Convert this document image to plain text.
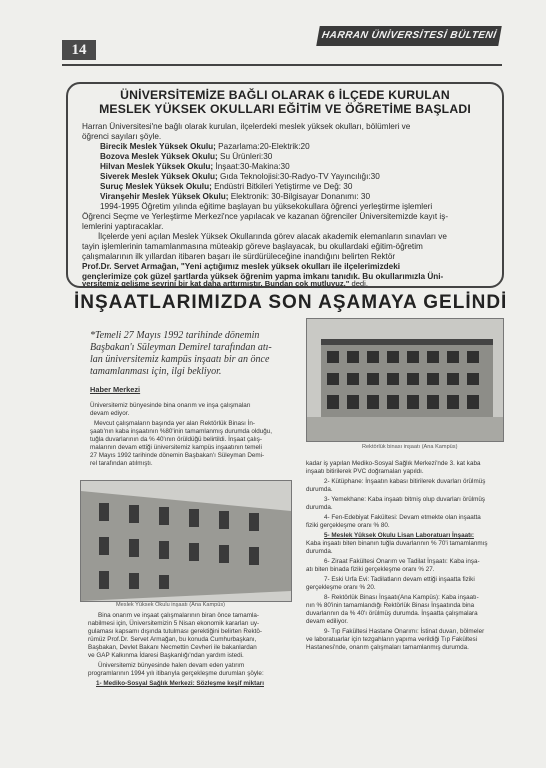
14
HARRAN ÜNİVERSİTESİ BÜLTENİ
ÜNİVERSİTEMİZE BAĞLI OLARAK 6 İLÇEDE KURULAN
MESLEK YÜKSEK OKULLARI EĞİTİM VE ÖĞRETİME BAŞLADI
Harran Üniversitesi'ne bağlı olarak kurulan, ilçelerdeki meslek yüksek okulları, bölümleri ve
öğrenci sayıları şöyle.
Birecik Meslek Yüksek Okulu; Pazarlama:20-Elektrik:20
Bozova Meslek Yüksek Okulu; Su Ürünleri:30
Hilvan Meslek Yüksek Okulu; İnşaat:30-Makina:30
Siverek Meslek Yüksek Okulu; Gıda Teknolojisi:30-Radyo-TV Yayıncılığı:30
Suruç Meslek Yüksek Okulu; Endüstri Bitkileri Yetiştirme ve Değ: 30
Viranşehir Meslek Yüksek Okulu; Elektronik: 30-Bilgisayar Donanımı: 30
1994-1995 Öğretim yılında eğitime başlayan bu yüksekokullara öğrenci yerleştirme işlemleri
Öğrenci Seçme ve Yerleştirme Merkezi'nce yapılacak ve kazanan öğrenciler Üniversitemizde kayıt iş-
lemlerini yaptıracaklar.
İlçelerde yeni açılan Meslek Yüksek Okullarında görev alacak akademik elemanların sınavları ve
tayin işlemlerinin tamamlanmasına müteakip göreve başlayacak, bu okullardaki eğitim-öğretim
çalışmalarının ilk yıllardan itibaren başarı ile sürdürüleceğine inandığını belirten Rektör
Prof.Dr. Servet Armağan, "Yeni açtığımız meslek yüksek okulları ile ilçelerimizdeki
gençlerimize çok güzel şartlarda yüksek öğrenim yapma imkanı tanıdık. Bu okullarımızla Üni-
versitemiz gelişme seyrini bir kat daha arttırmıştır. Bundan çok mutluyuz." dedi.
İNŞAATLARIMIZDA SON AŞAMAYA GELİNDİ
*Temeli 27 Mayıs 1992 tarihinde dönemin
Başbakan'ı Süleyman Demirel tarafından atı-
lan üniversitemiz kampüs inşaatı bir an önce
tamamlanması için, ilgi bekliyor.
Haber Merkezi
Üniversitemiz bünyesinde bina onarım ve inşa çalışmaları
devam ediyor.
Mevcut çalışmaların başında yer alan Rektörlük Binası İn-
şaatı'nın kaba inşaatının %80'inin tamamlanmış durumda olduğu,
tuğla duvarlarının da % 40'ının örüldüğü belirtildi. İnşaat çalış-
malarının devam ettiği üniversitemiz kampüs inşaatının temeli
27 Mayıs 1992 tarihinde dönemin Başbakan'ı Süleyman Demi-
rel tarafından atılmıştı.
Rektörlük binası inşaatı (Ana Kampüs)
Meslek Yüksek Okulu inşaatı (Ana Kampüs)
Bina onarım ve inşaat çalışmalarının biran önce tamamla-
nabilmesi için, Üniversitemizin 5 Nisan ekonomik kararları uy-
gulaması kapsamı dışında tutulması gerektiğini belirten Rektö-
rümüz Prof.Dr. Servet Armağan, bu konuda Cumhurbaşkanı,
Başbakan, Devlet Bakanı Necmettin Cevheri ile bakanlardan
ve GAP Kalkınma İdaresi Başkanlığı'ndan yardım istedi.
Üniversitemiz bünyesinde halen devam eden yatırım
programlarının 1994 yılı itibarıyla gerçekleşme durumları şöyle:
1- Mediko-Sosyal Sağlık Merkezi: Sözleşme keşif miktarı
kadar iş yapılan Mediko-Sosyal Sağlık Merkezi'nde 3. kat kaba
inşaatı bitirilerek PVC doğramaları yapıldı.
2- Kütüphane: İnşaatın kabası bitirilerek duvarları örülmüş
durumda.
3- Yemekhane: Kaba inşaatı bitmiş olup duvarları örülmüş
durumda.
4- Fen-Edebiyat Fakültesi: Devam etmekte olan inşaatta
fiziki gerçekleşme oranı % 80.
5- Meslek Yüksek Okulu Lisan Laboratuarı İnşaatı:
Kaba inşaatı biten binanın tuğla duvarlarının % 70'i tamamlanmış
durumda.
6- Ziraat Fakültesi Onarım ve Tadilat İnşaatı: Kaba inşa-
atı biten binada fiziki gerçekleşme oranı % 27.
7- Eski Urfa Evi: Tadilatların devam ettiği inşaatta fiziki
gerçekleşme oranı % 20.
8- Rektörlük Binası İnşaatı(Ana Kampüs): Kaba inşaatı-
nın % 80'inin tamamlandığı Rektörlük Binası İnşaatında bina
duvarlarının da % 40'ı örülmüş durumda. İnşaatta çalışmalara
devam ediliyor.
9- Tıp Fakültesi Hastane Onarımı: İstinat duvarı, bölmeler
ve laboratuarlar için tezgahların yapıma verildiği Tıp Fakültesi
Hastanesi'nde, onarım çalışmaları tamamlanmış durumda.
